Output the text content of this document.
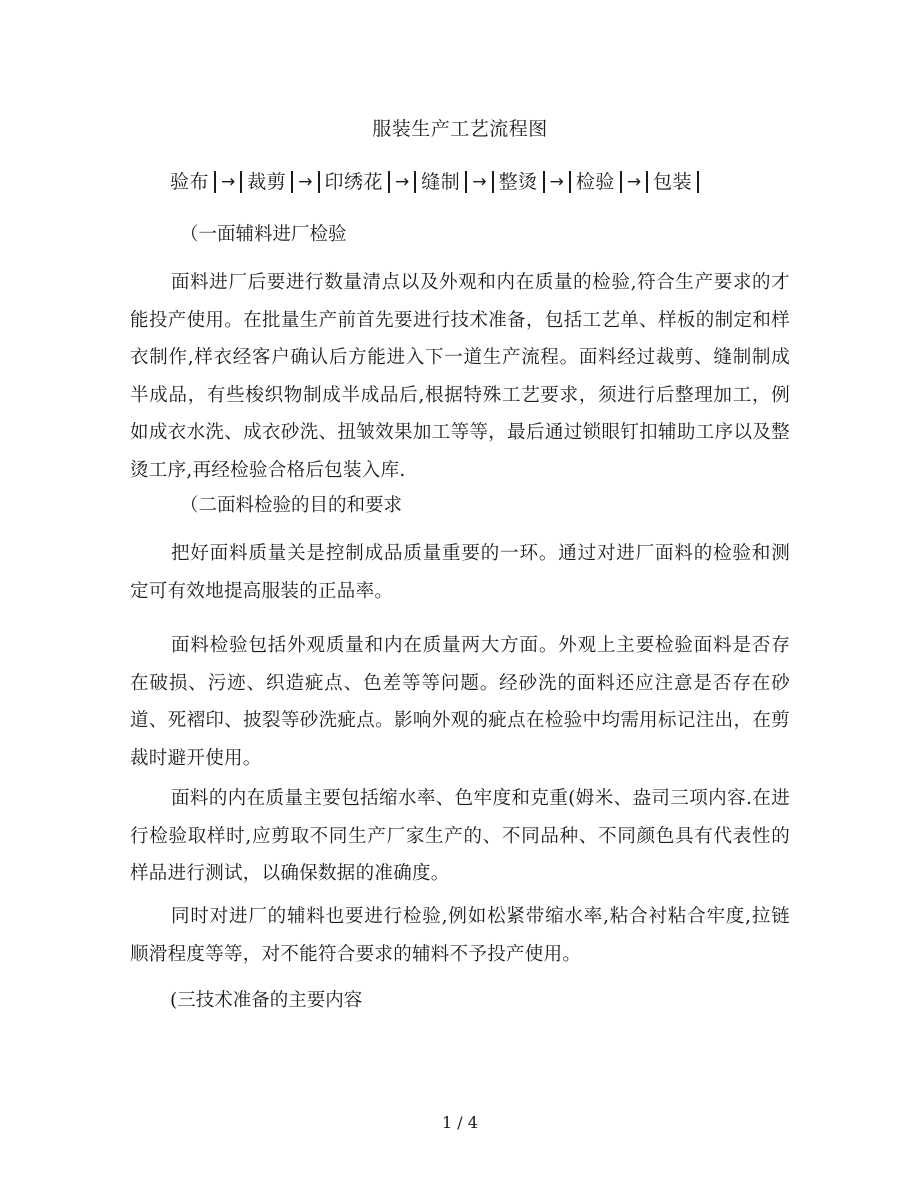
服装生产工艺流程图
验布 → 裁剪 → 印绣花 → 缝制 → 整烫 → 检验 → 包装
（一面辅料进厂检验
面料进厂后要进行数量清点以及外观和内在质量的检验,符合生产要求的才能投产使用。在批量生产前首先要进行技术准备，包括工艺单、样板的制定和样衣制作,样衣经客户确认后方能进入下一道生产流程。面料经过裁剪、缝制制成半成品，有些梭织物制成半成品后,根据特殊工艺要求，须进行后整理加工，例如成衣水洗、成衣砂洗、扭皱效果加工等等，最后通过锁眼钉扣辅助工序以及整烫工序,再经检验合格后包装入库.
（二面料检验的目的和要求
把好面料质量关是控制成品质量重要的一环。通过对进厂面料的检验和测定可有效地提高服装的正品率。
面料检验包括外观质量和内在质量两大方面。外观上主要检验面料是否存在破损、污迹、织造疵点、色差等等问题。经砂洗的面料还应注意是否存在砂道、死褶印、披裂等砂洗疵点。影响外观的疵点在检验中均需用标记注出，在剪裁时避开使用。
面料的内在质量主要包括缩水率、色牢度和克重(姆米、盎司三项内容.在进行检验取样时,应剪取不同生产厂家生产的、不同品种、不同颜色具有代表性的样品进行测试，以确保数据的准确度。
同时对进厂的辅料也要进行检验,例如松紧带缩水率,粘合衬粘合牢度,拉链顺滑程度等等，对不能符合要求的辅料不予投产使用。
(三技术准备的主要内容
1 / 4
